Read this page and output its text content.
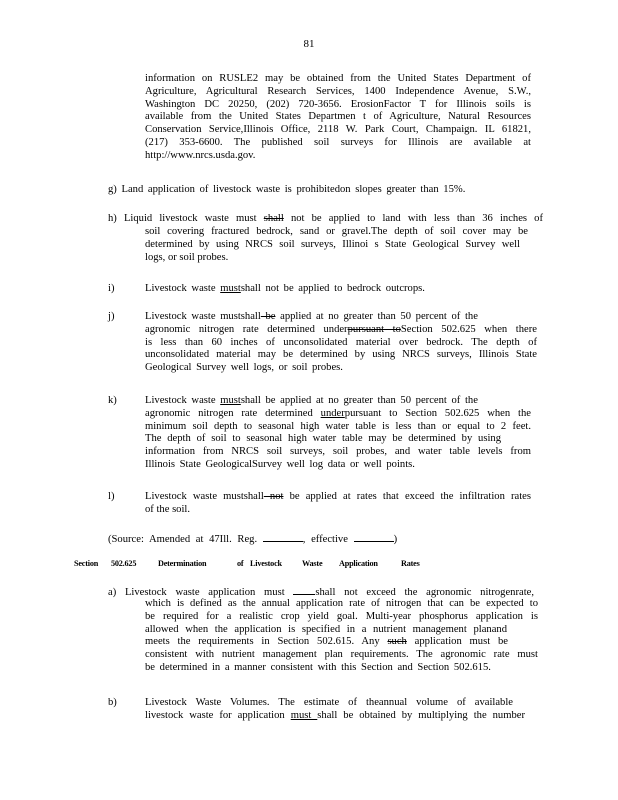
81
information on RUSLE2 may be obtained from the United States Department of
Agriculture, Agricultural Research Services, 1400 Independence Avenue, S.W.,
Washington DC 20250, (202) 720-3656. ErosionFactor T for Illinois soils is
available from the United States Departmen t of Agriculture, Natural Resources
Conservation Service,Illinois Office, 2118 W. Park Court, Champaign. IL 61821,
(217) 353-6600. The published soil surveys for Illinois are available at
http://www.nrcs.usda.gov.
g) Land application of livestock waste is prohibitedon slopes greater than 15%.
h) Liquid livestock waste must shall not be applied to land with less than 36 inches of
soil covering fractured bedrock, sand or gravel.The depth of soil cover may be
determined by using NRCS soil surveys, Illinoi s State Geological Survey well
logs, or soil probes.
i)	Livestock waste mustshall not be applied to bedrock outcrops.
j)	Livestock waste mustshall be applied at no greater than 50 percent of the
agronomic nitrogen rate determined underpursuant toSection 502.625 when there
is less than 60 inches of unconsolidated material over bedrock. The depth of
unconsolidated material may be determined by using NRCS surveys, Illinois State
Geological Survey well logs, or soil probes.
k)	Livestock waste mustshall be applied at no greater than 50 percent of the
agronomic nitrogen rate determined underpursuant to Section 502.625 when the
minimum soil depth to seasonal high water table is less than or equal to 2 feet.
The depth of soil to seasonal high water table may be determined by using
information from NRCS soil surveys, soil probes, and water table levels from
Illinois State GeologicalSurvey well log data or well points.
l)	Livestock waste mustshall not be applied at rates that exceed the infiltration rates
of the soil.
(Source: Amended at 47Ill. Reg.	, effective	)
Section 502.625	Determination	of Livestock Waste Application	Rates
a) Livestock waste application must	shall not exceed the agronomic nitrogenrate,
which is defined as the annual application rate of nitrogen that can be expected to
be required for a realistic crop yield goal. Multi-year phosphorus application is
allowed when the application is specified in a nutrient management planand
meets the requirements in Section 502.615. Any such application must be
consistent with nutrient management plan requirements. The agronomic rate must
be determined in a manner consistent with this Section and Section 502.615.
b)	Livestock Waste Volumes. The estimate of theannual volume of available
livestock waste for application must shall be obtained by multiplying the number
